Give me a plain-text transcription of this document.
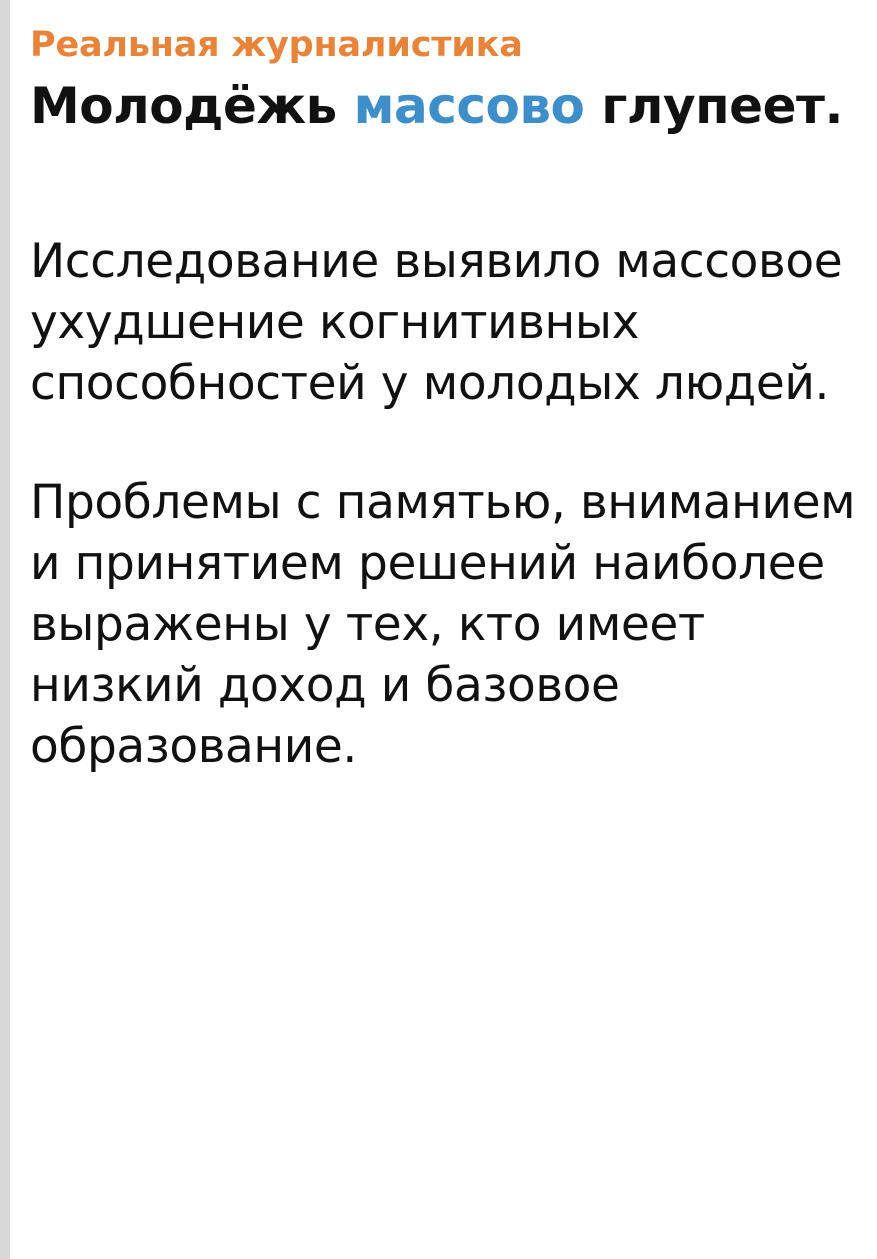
Реальная журналистика
Молодёжь массово глупеет.

Исследование выявило массовое ухудшение когнитивных способностей у молодых людей.

Проблемы с памятью, вниманием и принятием решений наиболее выражены у тех, кто имеет низкий доход и базовое образование.
